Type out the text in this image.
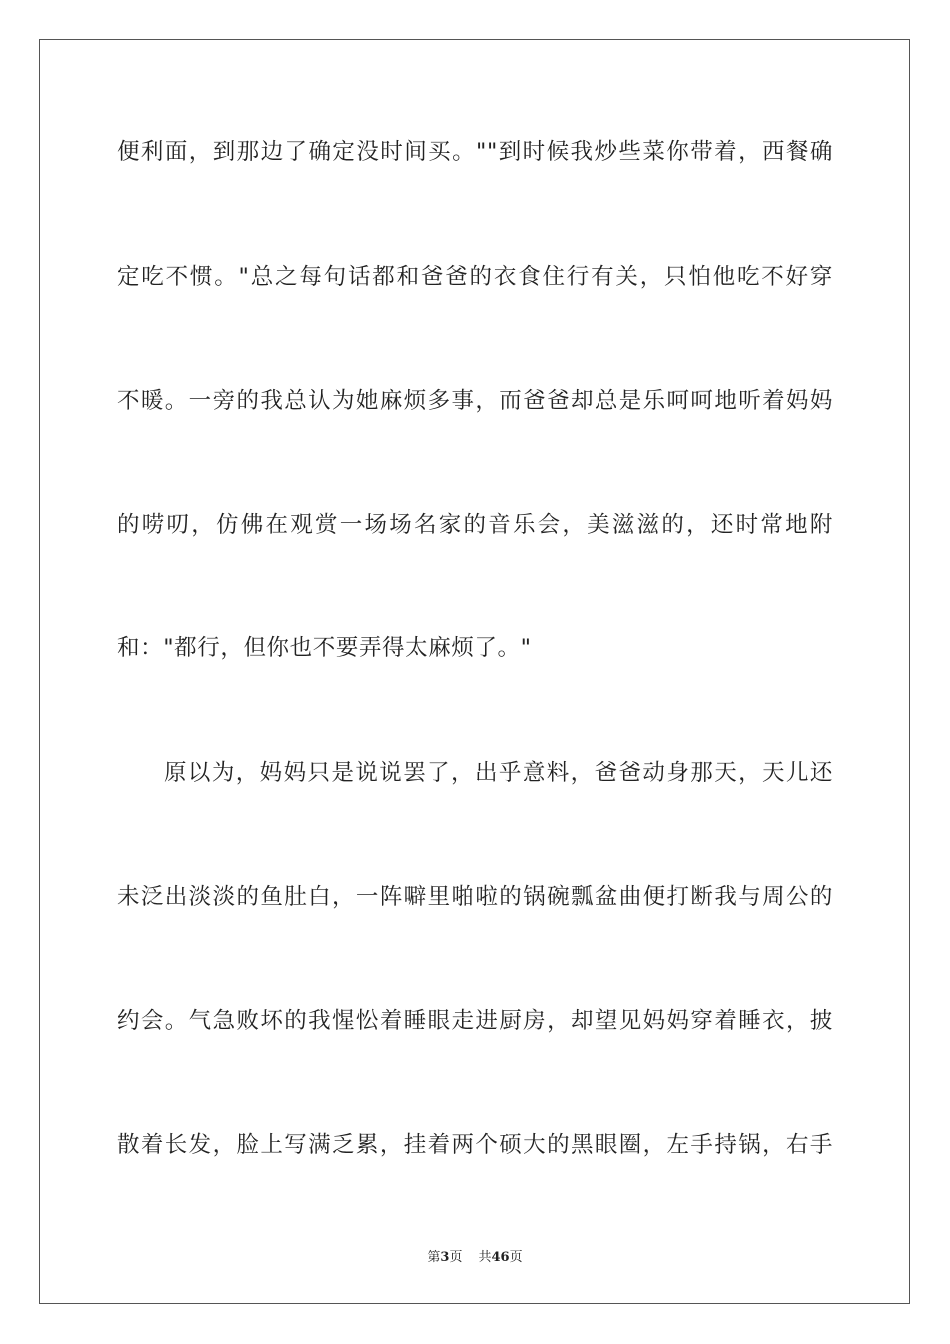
便利面，到那边了确定没时间买。""到时候我炒些菜你带着，西餐确
定吃不惯。"总之每句话都和爸爸的衣食住行有关，只怕他吃不好穿
不暖。一旁的我总认为她麻烦多事，而爸爸却总是乐呵呵地听着妈妈
的唠叨，仿佛在观赏一场场名家的音乐会，美滋滋的，还时常地附
和："都行，但你也不要弄得太麻烦了。"
原以为，妈妈只是说说罢了，出乎意料，爸爸动身那天，天儿还
未泛出淡淡的鱼肚白，一阵噼里啪啦的锅碗瓢盆曲便打断我与周公的
约会。气急败坏的我惺忪着睡眼走进厨房，却望见妈妈穿着睡衣，披
散着长发，脸上写满乏累，挂着两个硕大的黑眼圈，左手持锅，右手
第3页 共46页
